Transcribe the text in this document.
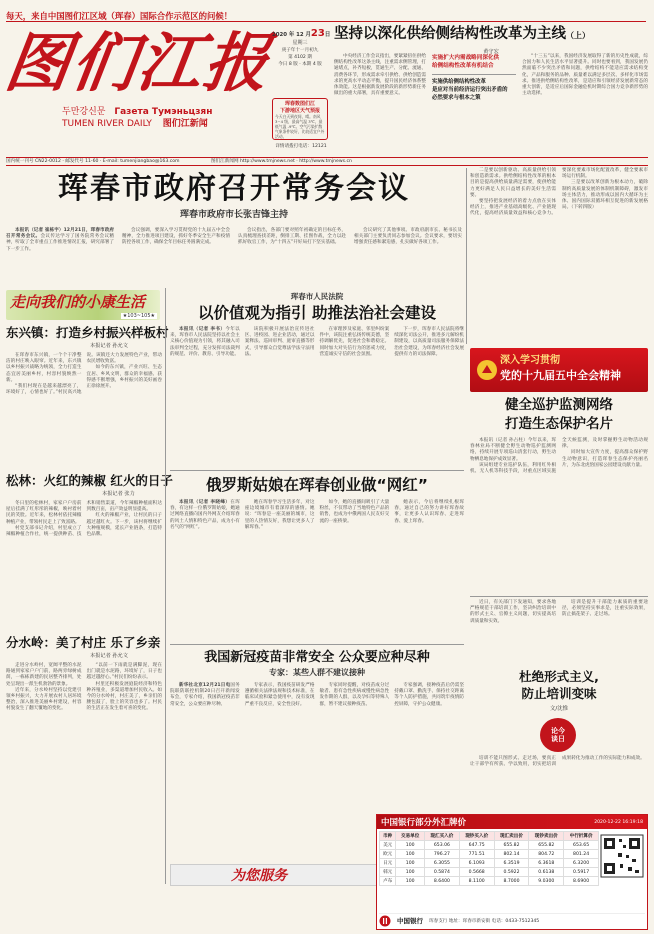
每天，来自中国图们江区域（珲春）国际合作示范区的问候！
图们江报
두만강신문 Газета Тумэньцзян
TUMEN RIVER DAILY 图们江新闻
2020 年 12 月23日
星期三
庚子年十一月初九
第 4102 期
今日 8 版 · 本期 4 版
珲春数图们江
下游地区天气预报
今天白天到夜间，晴。南风 3~4 级，最高气温 3℃，最低气温 -9℃。空气污染扩散气象条件较好，比较适宜户外活动。
详情请拨打电话：12121
坚持以深化供给侧结构性改革为主线（上）
黄守宏

中央经济工作会议指出，要紧紧扭住供给侧结构性改革这条主线，注重需求侧管理，打通堵点，补齐短板，贯通生产、分配、流通、消费各环节，形成需求牵引供给、供给创造需求的更高水平动态平衡，提升国民经济体系整体效能。这是根据新发展阶段的新形势新任务做出的重大部署，具有重要意义。

实施扩大内需战略同深化供
给侧结构性改革有机结合
实施供给侧结构性改革
是应对当前经济运行突出矛盾的
必然要求与根本之策

“十三五”以来，我国经济发展取得了新的历史性成就，综合国力和人民生活水平显著提升。同时也要看到，我国发展仍然面临不少突出矛盾和问题，供给结构不能适应需求结构变化，产品和服务的品种、质量难以满足多层次、多样化市场需求。推进供给侧结构性改革，是适应和引领经济发展新常态的重大创新，是适应后国际金融危机时期综合国力竞争新形势的主动选择。

国内统一刊号 CN22-0012 · 邮发代号 11-60 · E-mail: tumenjiangbao@163.com	图们江新闻网 http://www.tmjnews.net · http://www.tmjnews.cn
珲春市政府召开常务会议
珲春市政府市长张吉锋主持

本报讯（记者 崔栋宇）12月21日，珲春市政府召开常务会议。会议传达学习了国务院常务会议精神，听取了全市重点工作推进情况汇报，研究部署了下一步工作。

会议强调，要深入学习贯彻党的十九届五中全会精神，全力推进项目建设，抓好冬季安全生产和疫情防控各项工作，确保全年目标任务圆满完成。

会议指出，各部门要对照年初确定的目标任务，认真梳理查找差距，倒排工期、挂图作战，全力以赴抓好收官工作，为“十四五”开好局打下坚实基础。

会议研究了其他事项。市政府副市长、秘书长及相关部门主要负责同志参加会议。会议要求，要切实增强责任感和紧迫感，扎实做好各项工作。

二是要以创新驱动、高质量供给引领和创造新需求。供给侧结构性改革的根本目的是提高供给质量满足需要，使供给能力更好满足人民日益增长的美好生活需要。

要坚持把发展经济的着力点放在实体经济上，推进产业基础高级化、产业链现代化，提高经济质量效益和核心竞争力。要深化要素市场化配置改革，健全要素市场运行机制。

三是要以改革创新为根本动力，破除制约高质量发展的体制机制障碍，激发市场主体活力，推动形成以国内大循环为主体、国内国际双循环相互促进的新发展格局。（下转四版）

走向我们的小康生活
★103~105★
东兴镇：打造乡村振兴样板村
本报记者 孙允文

在珲春市东兴镇，一个个干净整洁的村庄映入眼帘。近年来，东兴镇以乡村振兴战略为统领，全力打造生态宜居美丽乡村，村容村貌焕然一新。

“我们村现在是越来越漂亮了，环境好了，心情也好了。”村民高兴地说。该镇还大力发展特色产业，带动农民增收致富。

如今的东兴镇，产业兴旺、生态宜居、乡风文明，群众的幸福感、获得感不断增强，乡村振兴的美好画卷正徐徐展开。

松林：火红的辣椒 红火的日子
本报记者 张力

冬日里的松林村，家家户户房前屋后挂满了红彤彤的辣椒，映衬着村民的笑脸。近年来，松林村依托辣椒种植产业，带领村民走上了致富路。

村党支部书记介绍，村里成立了辣椒种植合作社，统一提供种苗、技术和销售渠道，今年辣椒种植面积达到数百亩，亩产效益明显提高。

红火的辣椒产业，让村民的日子越过越红火。下一步，该村将继续扩大种植规模，延长产业链条，打造特色品牌。

分水岭：美了村庄 乐了乡亲
本报记者 孙允文

走进分水岭村，宽阔平整的水泥路通到家家户户门前，路两旁绿树成荫，一栋栋新建的民居整齐排列，处处呈现出一派生机勃勃的景象。

近年来，分水岭村坚持以党建引领乡村振兴，大力开展农村人居环境整治，深入推进美丽乡村建设，村容村貌发生了翻天覆地的变化。

“以前一下雨就是满脚泥，现在出门就是水泥路，环境好了，日子也越过越舒心。”村民们纷纷表示。

村里还积极发展庭院经济和特色种养殖业，多渠道增加村民收入。如今的分水岭村，村庄美了，乡亲们的腰包鼓了，脸上的笑容也多了。村民的生活正在发生着可喜的变化。

珲春市人民法院
以价值观为指引 助推法治社会建设

本报讯（记者 李书）今年以来，珲春市人民法院坚持以社会主义核心价值观为引领，将其融入司法审判全过程，充分发挥司法裁判的规范、评价、教育、引导功能。

该院积极开展法治宣传进社区、进校园、进企业活动，通过以案释法、巡回审判、庭审直播等形式，引导群众自觉尊法学法守法用法。

在审理涉及家庭、邻里纠纷案件中，该院注重弘扬传统美德，坚持调解优先，促进社会和谐稳定。同时加大对失信行为的惩戒力度，营造诚实守信的社会氛围。

下一步，珲春市人民法院将继续深化司法公开，推进多元解纷机制建设，以高质量司法服务保障法治社会建设，为珲春经济社会发展提供有力的司法保障。

深入学习贯彻
党的十九届五中全会精神
健全巡护监测网络
打造生态保护名片

本报讯（记者 孙占柱）今年以来，珲春林业局不断健全野生动物巡护监测网络，持续开展专项巡山清套行动，野生动物栖息地保护成效显著。

该局组建专业巡护队伍，利用红外相机、无人机等科技手段，对重点区域实施全天候监测，及时掌握野生动物活动规律。

同时加大宣传力度，提高群众保护野生动物意识，打造珲春生态保护亮丽名片，为东北虎豹国家公园建设贡献力量。

俄罗斯姑娘在珲春创业做“网红”

本报讯（记者 李晓峰）在珲春，有这样一位俄罗斯姑娘，她通过网络直播向国内外网友介绍珲春的风土人情和特色产品，成为小有名气的“网红”。

她在珲春学习生活多年，对这座边境城市有着深厚的感情。她说：“珲春是一座美丽的城市，这里的人热情友好，我想让更多人了解珲春。”

如今，她的直播间吸引了大量粉丝，不仅带动了当地特色产品的销售，也成为中俄两国人民友好交流的一座桥梁。

她表示，今后将继续扎根珲春，通过自己的努力讲好珲春故事，让更多人认识珲春、走进珲春、爱上珲春。

我国新冠疫苗非常安全 公众要应种尽种
专家：某些人群不建议接种

新华社北京12月21日电国务院联防联控机制20日召开新闻发布会，专家介绍，我国新冠疫苗非常安全，公众要应种尽种。

专家表示，我国疫苗研发严格遵循相关法律法规和技术标准，在临床试验和紧急使用中，没有发现严重不良反应，安全性良好。

专家同时提醒，对疫苗成分过敏者、患有急性疾病或慢性病急性发作期的人群，以及孕妇等特殊人群，暂不建议接种疫苗。

专家强调，接种疫苗后仍需坚持戴口罩、勤洗手、保持社交距离等个人防护措施，共同筑牢疫情防控屏障，守护公众健康。

为您服务

近日，有关部门下发通知，要求各地严格规范干部培训工作，坚决纠治培训中的形式主义、官僚主义问题，切实提高培训质量和实效。

培训是提升干部能力素质的重要途径，必须坚持实事求是，注重实际效果，防止搞花架子、走过场。

杜绝形式主义,
防止培训变味
文/沈惟
论今谈日

培训不能只图形式、走过场，要真正让干部学有所获、学以致用，切实把培训成果转化为推动工作的实际能力和成效。

中国银行部分外汇牌价	2020-12-22 16:19:18
币种	交易单位	现汇买入价	现钞买入价	现汇卖出价	现钞卖出价	中行折算价
美元	100	653.06	647.75	655.82	655.82	653.65
欧元	100	796.27	771.51	802.14	804.72	801.24
日元	100	6.3055	6.1093	6.3519	6.3618	6.3200
韩元	100	0.5874	0.5668	0.5922	0.6138	0.5917
卢布	100	8.6400	8.1100	8.7000	9.0300	8.6900
中国银行 珲春支行 地址：珲春市新安街 电话：0433-7512345
